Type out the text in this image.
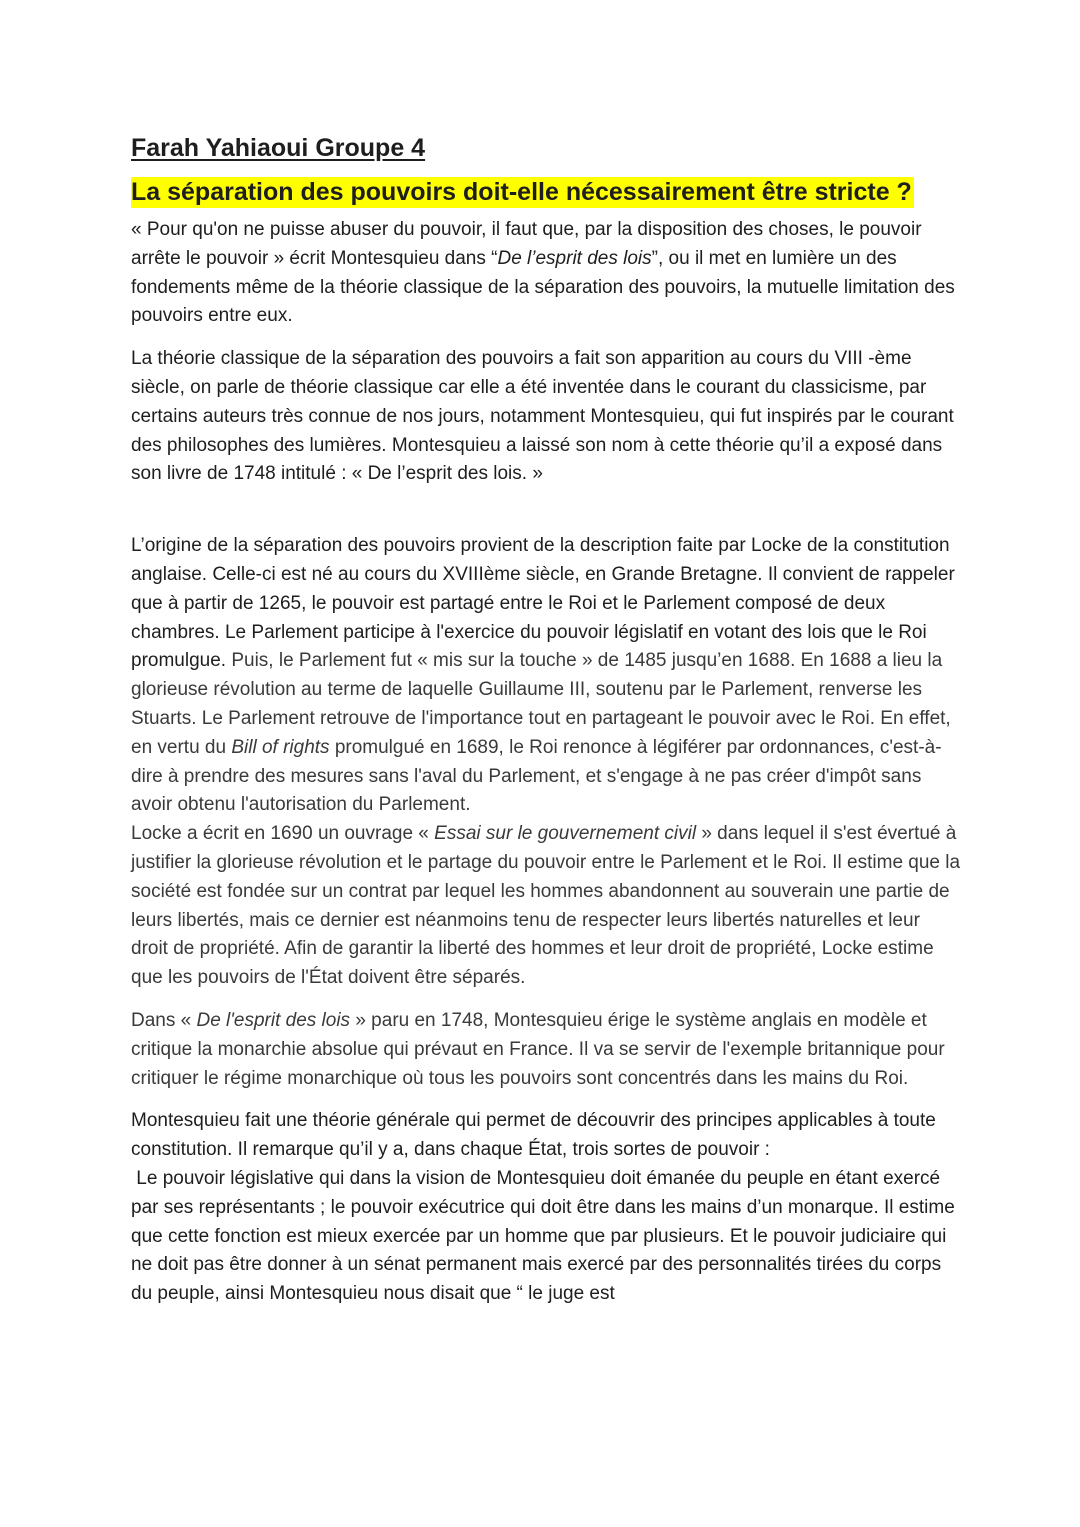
Farah Yahiaoui Groupe 4
La séparation des pouvoirs doit-elle nécessairement être stricte ?

« Pour qu'on ne puisse abuser du pouvoir, il faut que, par la disposition des choses, le pouvoir arrête le pouvoir » écrit Montesquieu dans “De l’esprit des lois”, ou il met en lumière un des fondements même de la théorie classique de la séparation des pouvoirs, la mutuelle limitation des pouvoirs entre eux.

La théorie classique de la séparation des pouvoirs a fait son apparition au cours du VIII -ème siècle, on parle de théorie classique car elle a été inventée dans le courant du classicisme, par certains auteurs très connue de nos jours, notamment Montesquieu, qui fut inspirés par le courant des philosophes des lumières. Montesquieu a laissé son nom à cette théorie qu’il a exposé dans son livre de 1748 intitulé : « De l’esprit des lois. »

L’origine de la séparation des pouvoirs provient de la description faite par Locke de la constitution anglaise. Celle-ci est né au cours du XVIIIème siècle, en Grande Bretagne. Il convient de rappeler que à partir de 1265, le pouvoir est partagé entre le Roi et le Parlement composé de deux chambres. Le Parlement participe à l'exercice du pouvoir législatif en votant des lois que le Roi promulgue. Puis, le Parlement fut « mis sur la touche » de 1485 jusqu’en 1688. En 1688 a lieu la glorieuse révolution au terme de laquelle Guillaume III, soutenu par le Parlement, renverse les Stuarts. Le Parlement retrouve de l'importance tout en partageant le pouvoir avec le Roi. En effet, en vertu du Bill of rights promulgué en 1689, le Roi renonce à légiférer par ordonnances, c'est-à-dire à prendre des mesures sans l'aval du Parlement, et s'engage à ne pas créer d'impôt sans avoir obtenu l'autorisation du Parlement.

Locke a écrit en 1690 un ouvrage « Essai sur le gouvernement civil » dans lequel il s'est évertué à justifier la glorieuse révolution et le partage du pouvoir entre le Parlement et le Roi. Il estime que la société est fondée sur un contrat par lequel les hommes abandonnent au souverain une partie de leurs libertés, mais ce dernier est néanmoins tenu de respecter leurs libertés naturelles et leur droit de propriété. Afin de garantir la liberté des hommes et leur droit de propriété, Locke estime que les pouvoirs de l'État doivent être séparés.

Dans « De l'esprit des lois » paru en 1748, Montesquieu érige le système anglais en modèle et critique la monarchie absolue qui prévaut en France. Il va se servir de l'exemple britannique pour critiquer le régime monarchique où tous les pouvoirs sont concentrés dans les mains du Roi.

Montesquieu fait une théorie générale qui permet de découvrir des principes applicables à toute constitution. Il remarque qu’il y a, dans chaque État, trois sortes de pouvoir :

Le pouvoir législative qui dans la vision de Montesquieu doit émanée du peuple en étant exercé par ses représentants ; le pouvoir exécutrice qui doit être dans les mains d’un monarque. Il estime que cette fonction est mieux exercée par un homme que par plusieurs. Et le pouvoir judiciaire qui ne doit pas être donner à un sénat permanent mais exercé par des personnalités tirées du corps du peuple, ainsi Montesquieu nous disait que “ le juge est
